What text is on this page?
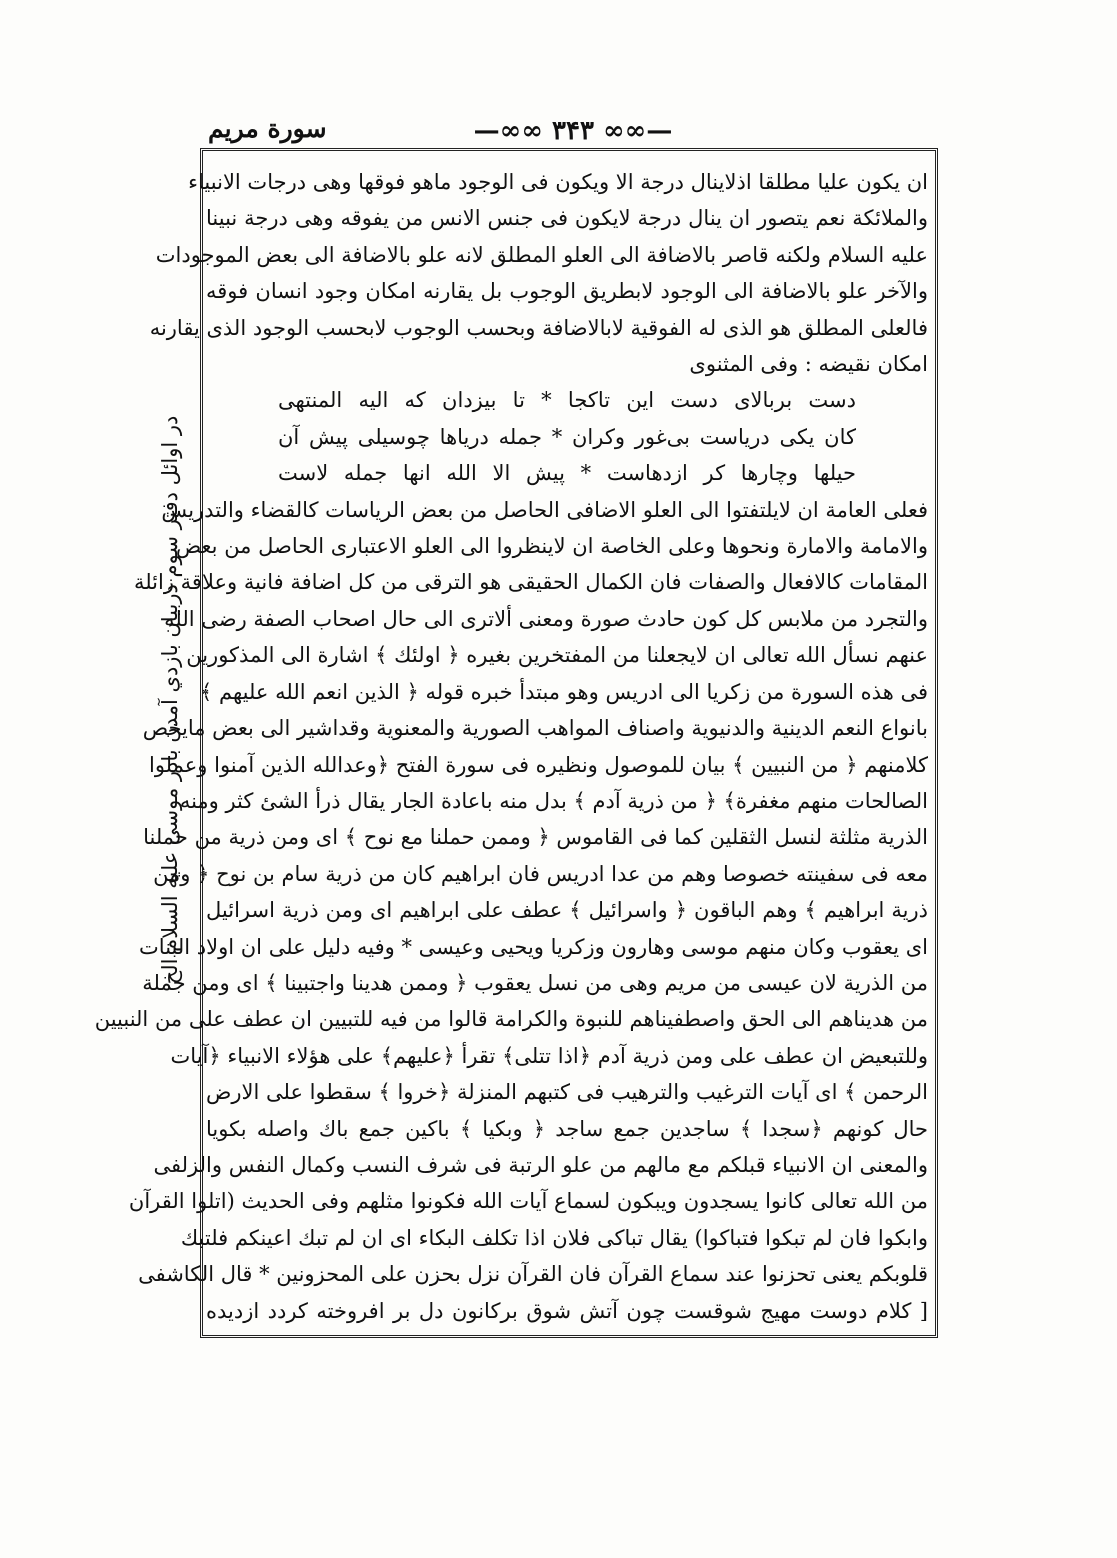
—∞∞ ۳۴۳ ∞∞—
سورة مريم
در اوائل دفتر سوم دربيان بازدي آمدن بادر موسى عليه السلام الخ
ان يكون عليا مطلقا اذلاينال درجة الا ويكون فى الوجود ماهو فوقها وهى درجات الانبياء
والملائكة نعم يتصور ان ينال درجة لايكون فى جنس الانس من يفوقه وهى درجة نبينا
عليه السلام ولكنه قاصر بالاضافة الى العلو المطلق لانه علو بالاضافة الى بعض الموجودات
والآخر علو بالاضافة الى الوجود لابطريق الوجوب بل يقارنه امكان وجود انسان فوقه
فالعلى المطلق هو الذى له الفوقية لابالاضافة وبحسب الوجوب لابحسب الوجود الذى يقارنه
امكان نقيضه : وفى المثنوى
دست بربالاى دست اين تاكجا * تا بيزدان كه اليه المنتهى
كان يكى درياست بى‌غور وكران * جمله درياها چوسيلى پيش آن
حيلها وچارها كر ازدهاست * پيش الا الله انها جمله لاست
فعلى العامة ان لايلتفتوا الى العلو الاضافى الحاصل من بعض الرياسات كالقضاء والتدريس
والامامة والامارة ونحوها وعلى الخاصة ان لاينظروا الى العلو الاعتبارى الحاصل من بعض
المقامات كالافعال والصفات فان الكمال الحقيقى هو الترقى من كل اضافة فانية وعلاقة زائلة
والتجرد من ملابس كل كون حادث صورة ومعنى ألاترى الى حال اصحاب الصفة رضى الله
عنهم نسأل الله تعالى ان لايجعلنا من المفتخرين بغيره ﴿ اولئك ﴾ اشارة الى المذكورين
فى هذه السورة من زكريا الى ادريس وهو مبتدأ خبره قوله ﴿ الذين انعم الله عليهم ﴾
بانواع النعم الدينية والدنيوية واصناف المواهب الصورية والمعنوية وقداشير الى بعض مايخص
كلامنهم ﴿ من النبيين ﴾ بيان للموصول ونظيره فى سورة الفتح ﴿وعدالله الذين آمنوا وعملوا
الصالحات منهم مغفرة﴾ ﴿ من ذرية آدم ﴾ بدل منه باعادة الجار يقال ذرأ الشئ كثر ومنه
الذرية مثلثة لنسل الثقلين كما فى القاموس ﴿ وممن حملنا مع نوح ﴾ اى ومن ذرية من حملنا
معه فى سفينته خصوصا وهم من عدا ادريس فان ابراهيم كان من ذرية سام بن نوح ﴿ ومن
ذرية ابراهيم ﴾ وهم الباقون ﴿ واسرائيل ﴾ عطف على ابراهيم اى ومن ذرية اسرائيل
اى يعقوب وكان منهم موسى وهارون وزكريا ويحيى وعيسى * وفيه دليل على ان اولاد البنات
من الذرية لان عيسى من مريم وهى من نسل يعقوب ﴿ وممن هدينا واجتبينا ﴾ اى ومن جملة
من هديناهم الى الحق واصطفيناهم للنبوة والكرامة قالوا من فيه للتبيين ان عطف على من النبيين
وللتبعيض ان عطف على ومن ذرية آدم ﴿اذا تتلى﴾ تقرأ ﴿عليهم﴾ على هؤلاء الانبياء ﴿آيات
الرحمن ﴾ اى آيات الترغيب والترهيب فى كتبهم المنزلة ﴿خروا ﴾ سقطوا على الارض
حال كونهم ﴿سجدا ﴾ ساجدين جمع ساجد ﴿ وبكيا ﴾ باكين جمع باك واصله بكويا
والمعنى ان الانبياء قبلكم مع مالهم من علو الرتبة فى شرف النسب وكمال النفس والزلفى
من الله تعالى كانوا يسجدون ويبكون لسماع آيات الله فكونوا مثلهم وفى الحديث (اتلوا القرآن
وابكوا فان لم تبكوا فتباكوا) يقال تباكى فلان اذا تكلف البكاء اى ان لم تبك اعينكم فلتبك
قلوبكم يعنى تحزنوا عند سماع القرآن فان القرآن نزل بحزن على المحزونين * قال الكاشفى
[ كلام دوست مهيج شوقست چون آتش شوق بركانون دل بر افروخته كردد ازديده
